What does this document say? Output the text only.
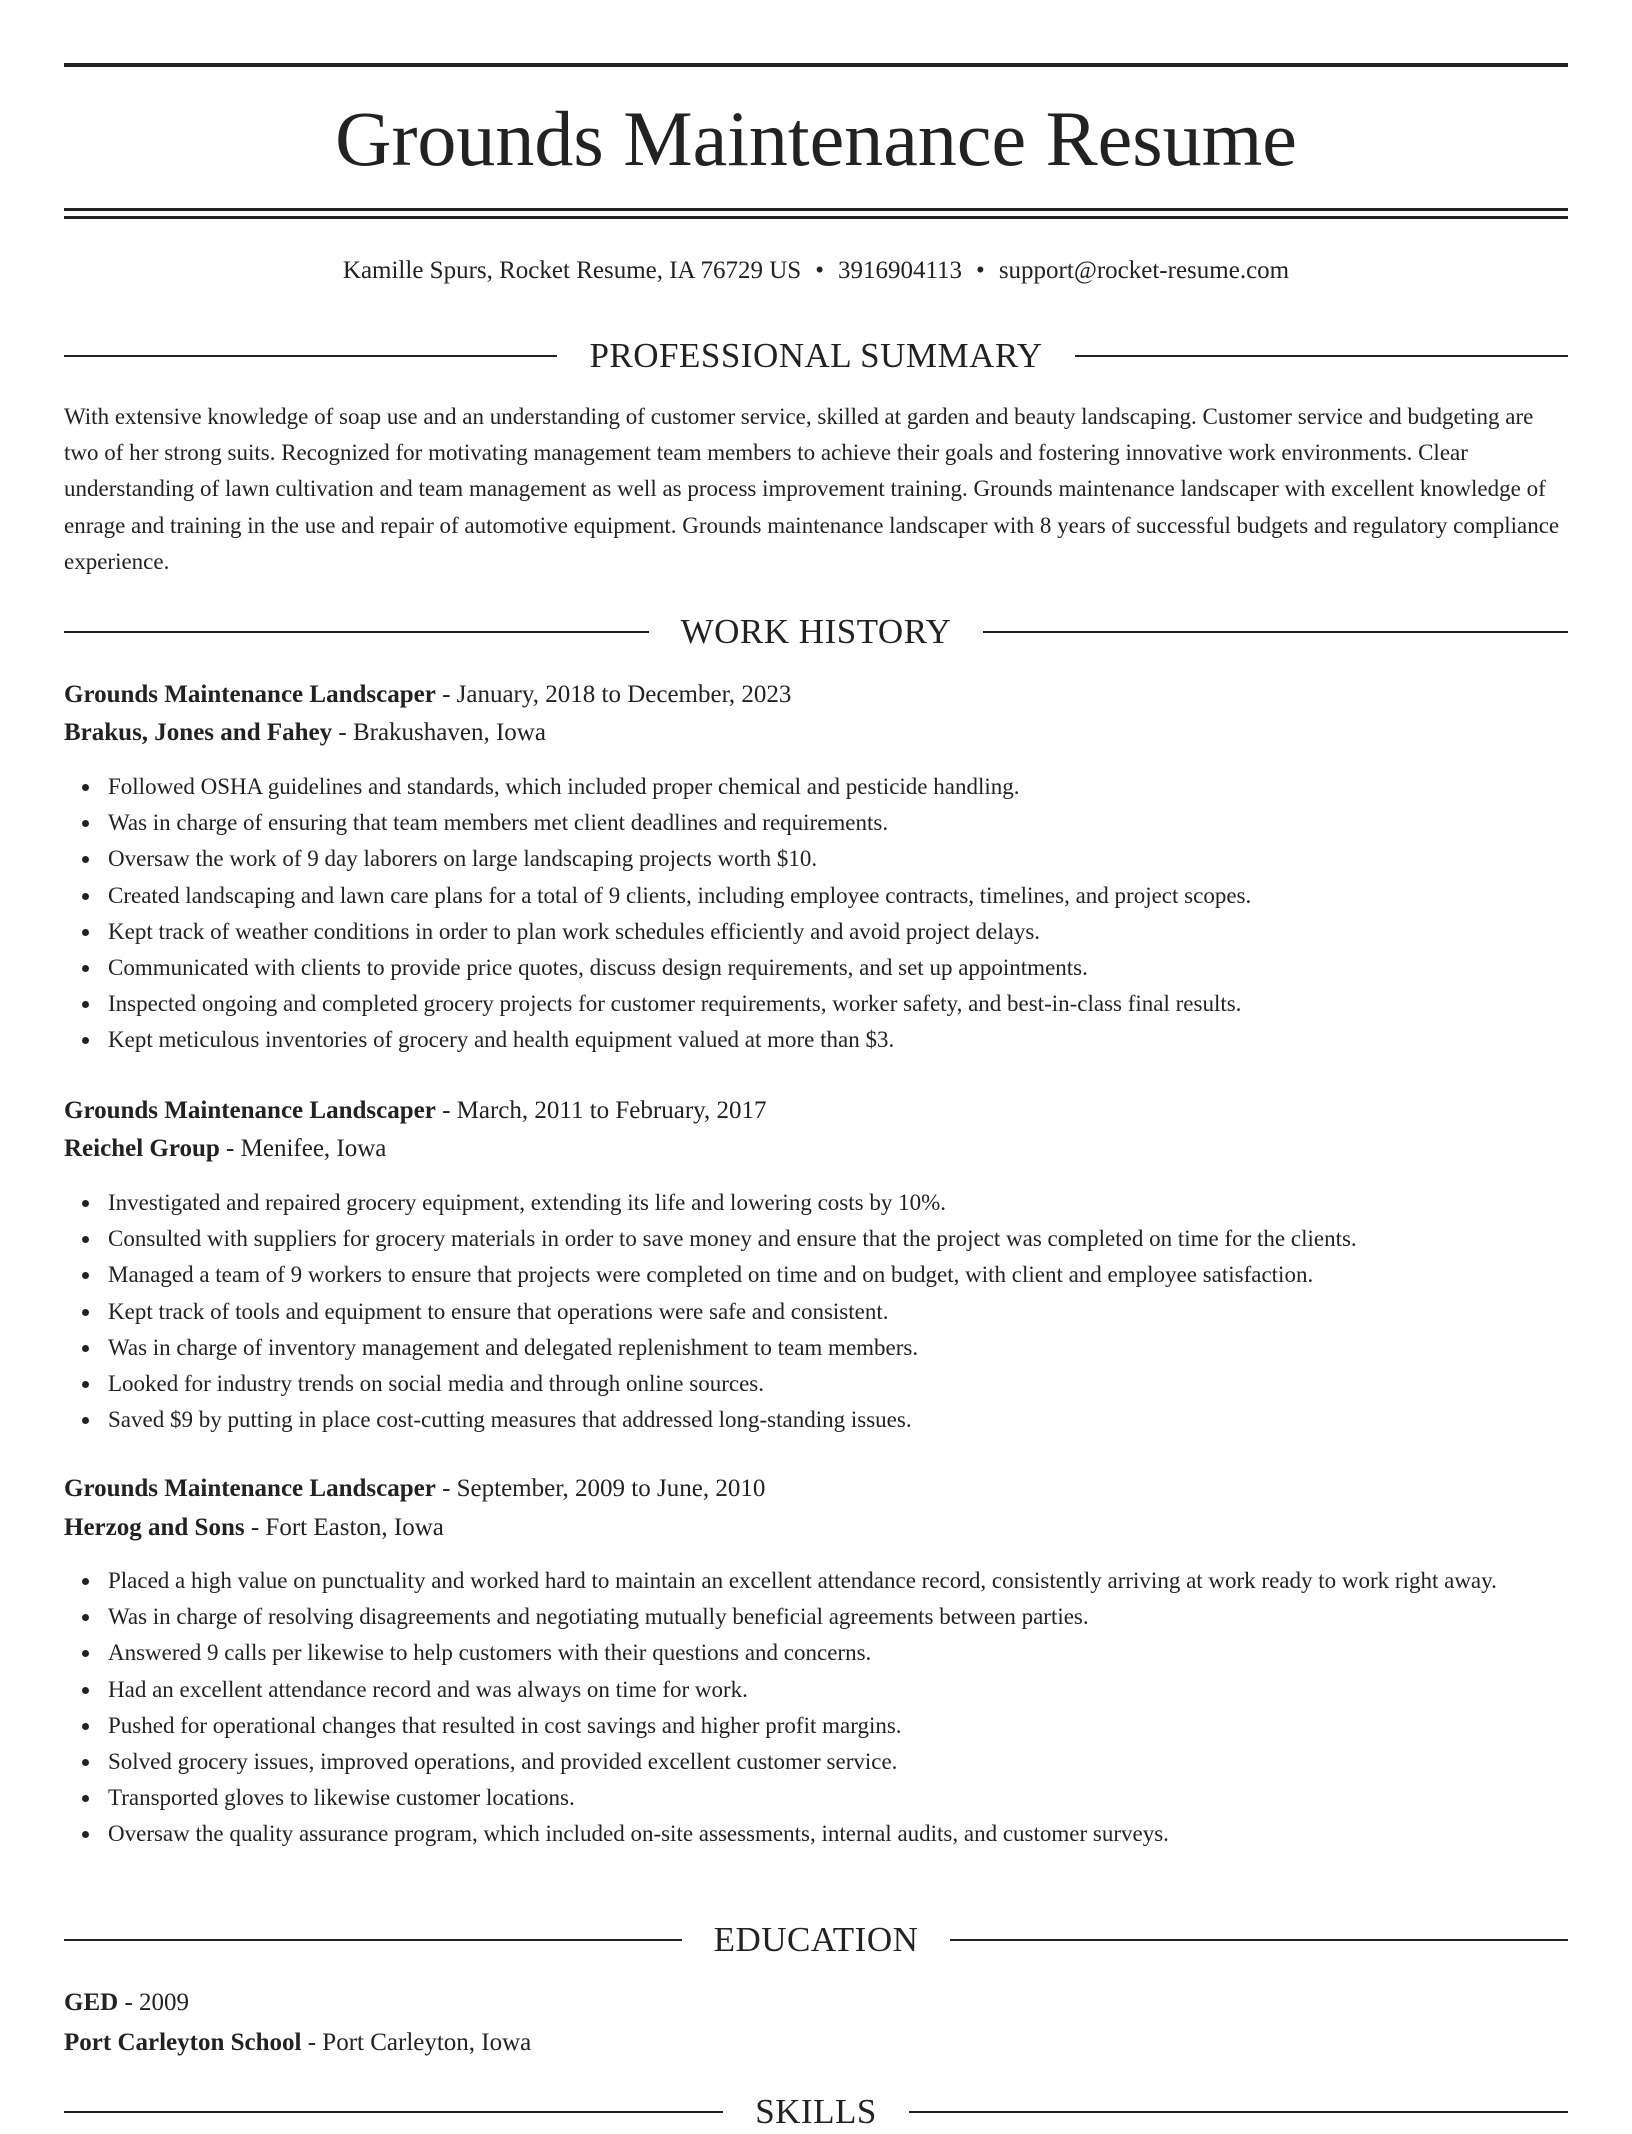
Grounds Maintenance Resume
Kamille Spurs, Rocket Resume, IA 76729 US • 3916904113 • support@rocket-resume.com
PROFESSIONAL SUMMARY

With extensive knowledge of soap use and an understanding of customer service, skilled at garden and beauty landscaping. Customer service and budgeting are two of her strong suits. Recognized for motivating management team members to achieve their goals and fostering innovative work environments. Clear understanding of lawn cultivation and team management as well as process improvement training. Grounds maintenance landscaper with excellent knowledge of enrage and training in the use and repair of automotive equipment. Grounds maintenance landscaper with 8 years of successful budgets and regulatory compliance experience.

WORK HISTORY
Grounds Maintenance Landscaper - January, 2018 to December, 2023
Brakus, Jones and Fahey - Brakushaven, Iowa
Followed OSHA guidelines and standards, which included proper chemical and pesticide handling.
Was in charge of ensuring that team members met client deadlines and requirements.
Oversaw the work of 9 day laborers on large landscaping projects worth $10.
Created landscaping and lawn care plans for a total of 9 clients, including employee contracts, timelines, and project scopes.
Kept track of weather conditions in order to plan work schedules efficiently and avoid project delays.
Communicated with clients to provide price quotes, discuss design requirements, and set up appointments.
Inspected ongoing and completed grocery projects for customer requirements, worker safety, and best-in-class final results.
Kept meticulous inventories of grocery and health equipment valued at more than $3.
Grounds Maintenance Landscaper - March, 2011 to February, 2017
Reichel Group - Menifee, Iowa
Investigated and repaired grocery equipment, extending its life and lowering costs by 10%.
Consulted with suppliers for grocery materials in order to save money and ensure that the project was completed on time for the clients.
Managed a team of 9 workers to ensure that projects were completed on time and on budget, with client and employee satisfaction.
Kept track of tools and equipment to ensure that operations were safe and consistent.
Was in charge of inventory management and delegated replenishment to team members.
Looked for industry trends on social media and through online sources.
Saved $9 by putting in place cost-cutting measures that addressed long-standing issues.
Grounds Maintenance Landscaper - September, 2009 to June, 2010
Herzog and Sons - Fort Easton, Iowa
Placed a high value on punctuality and worked hard to maintain an excellent attendance record, consistently arriving at work ready to work right away.
Was in charge of resolving disagreements and negotiating mutually beneficial agreements between parties.
Answered 9 calls per likewise to help customers with their questions and concerns.
Had an excellent attendance record and was always on time for work.
Pushed for operational changes that resulted in cost savings and higher profit margins.
Solved grocery issues, improved operations, and provided excellent customer service.
Transported gloves to likewise customer locations.
Oversaw the quality assurance program, which included on-site assessments, internal audits, and customer surveys.
EDUCATION
GED - 2009
Port Carleyton School - Port Carleyton, Iowa
SKILLS
